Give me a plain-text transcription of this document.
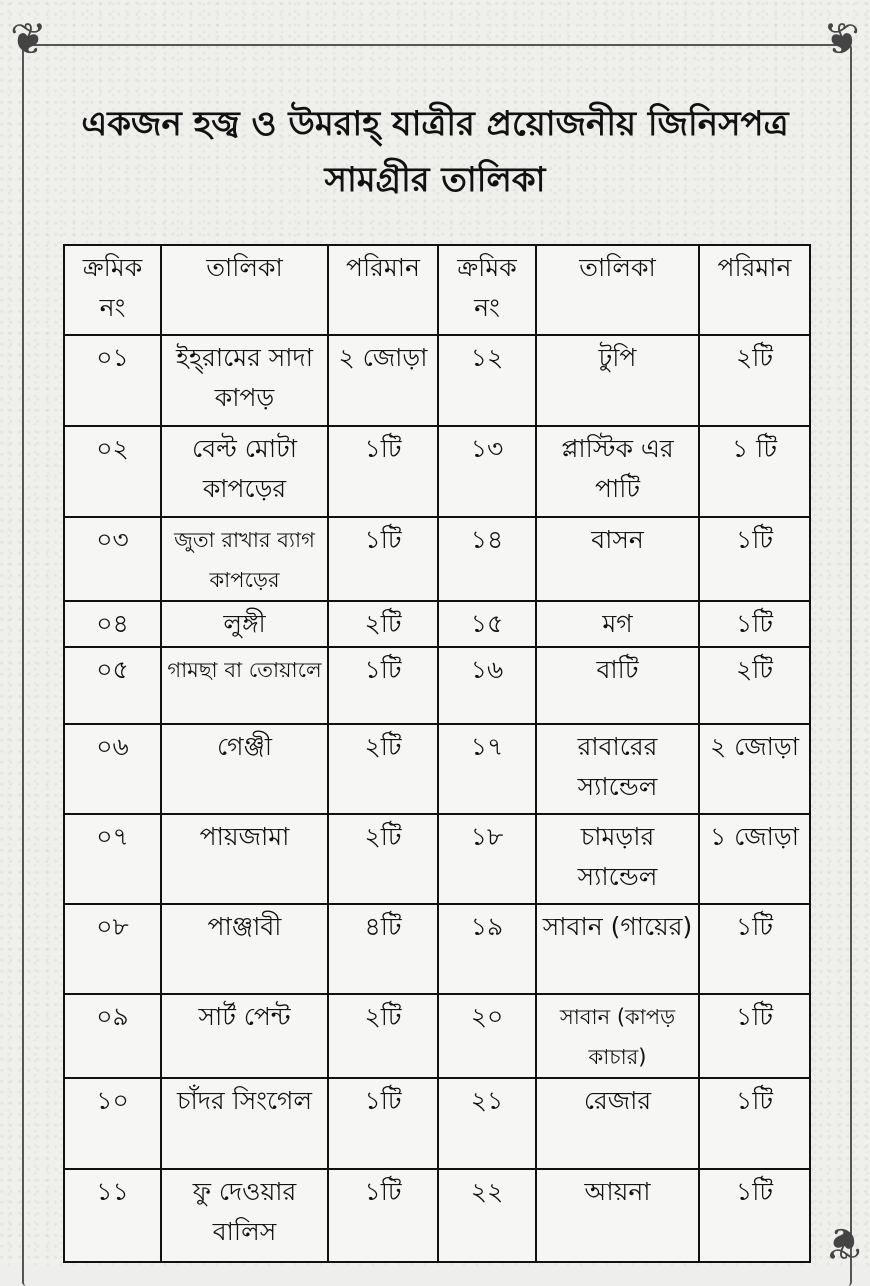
❦	❦
❦
একজন হজ্ব ও উমরাহ্ যাত্রীর প্রয়োজনীয় জিনিসপত্র
সামগ্রীর তালিকা
ক্রমিক নং	তালিকা	পরিমান	ক্রমিক নং	তালিকা	পরিমান
০১	ইহ্‌রামের সাদা কাপড়	২ জোড়া	১২	টুপি	২টি
০২	বেল্ট মোটা কাপড়ের	১টি	১৩	প্লাস্টিক এর পাটি	১ টি
০৩	জুতা রাখার ব্যাগ কাপড়ের	১টি	১৪	বাসন	১টি
০৪	লুঙ্গী	২টি	১৫	মগ	১টি
০৫	গামছা বা তোয়ালে	১টি	১৬	বাটি	২টি
০৬	গেঞ্জী	২টি	১৭	রাবারের স্যান্ডেল	২ জোড়া
০৭	পায়জামা	২টি	১৮	চামড়ার স্যান্ডেল	১ জোড়া
০৮	পাঞ্জাবী	৪টি	১৯	সাবান (গায়ের)	১টি
০৯	সার্ট পেন্ট	২টি	২০	সাবান (কাপড় কাচার)	১টি
১০	চাঁদর সিংগেল	১টি	২১	রেজার	১টি
১১	ফু দেওয়ার বালিস	১টি	২২	আয়না	১টি
